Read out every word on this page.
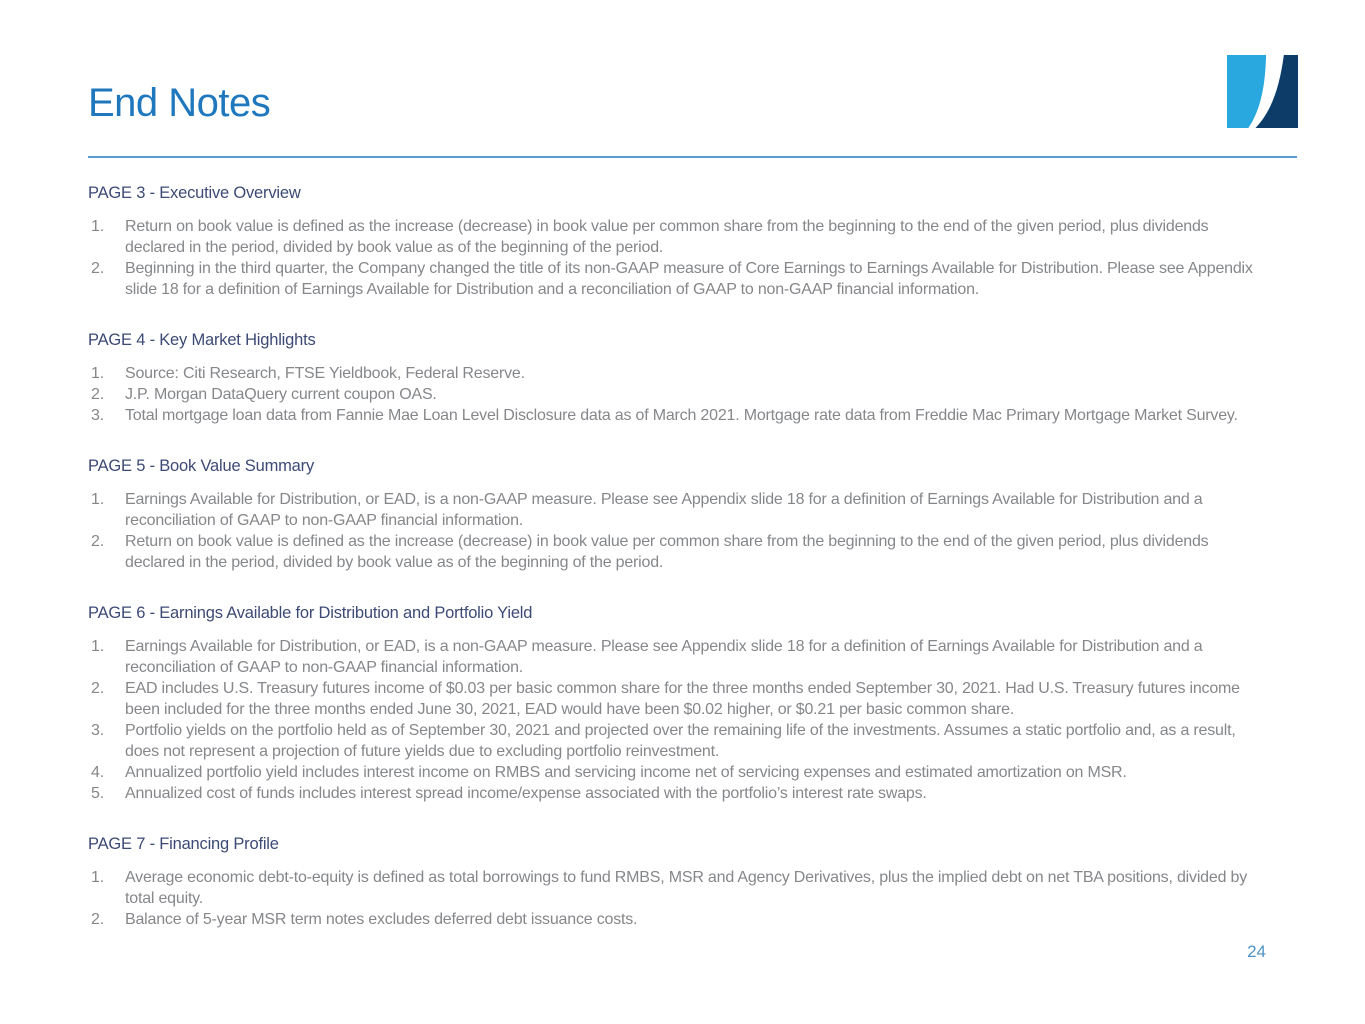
End Notes
PAGE 3 - Executive Overview
Return on book value is defined as the increase (decrease) in book value per common share from the beginning to the end of the given period, plus dividends declared in the period, divided by book value as of the beginning of the period.
Beginning in the third quarter, the Company changed the title of its non-GAAP measure of Core Earnings to Earnings Available for Distribution. Please see Appendix slide 18 for a definition of Earnings Available for Distribution and a reconciliation of GAAP to non-GAAP financial information.
PAGE 4 - Key Market Highlights
Source: Citi Research, FTSE Yieldbook, Federal Reserve.
J.P. Morgan DataQuery current coupon OAS.
Total mortgage loan data from Fannie Mae Loan Level Disclosure data as of March 2021. Mortgage rate data from Freddie Mac Primary Mortgage Market Survey.
PAGE 5 - Book Value Summary
Earnings Available for Distribution, or EAD, is a non-GAAP measure. Please see Appendix slide 18 for a definition of Earnings Available for Distribution and a reconciliation of GAAP to non-GAAP financial information.
Return on book value is defined as the increase (decrease) in book value per common share from the beginning to the end of the given period, plus dividends declared in the period, divided by book value as of the beginning of the period.
PAGE 6 - Earnings Available for Distribution and Portfolio Yield
Earnings Available for Distribution, or EAD, is a non-GAAP measure. Please see Appendix slide 18 for a definition of Earnings Available for Distribution and a reconciliation of GAAP to non-GAAP financial information.
EAD includes U.S. Treasury futures income of $0.03 per basic common share for the three months ended September 30, 2021. Had U.S. Treasury futures income been included for the three months ended June 30, 2021, EAD would have been $0.02 higher, or $0.21 per basic common share.
Portfolio yields on the portfolio held as of September 30, 2021 and projected over the remaining life of the investments. Assumes a static portfolio and, as a result, does not represent a projection of future yields due to excluding portfolio reinvestment.
Annualized portfolio yield includes interest income on RMBS and servicing income net of servicing expenses and estimated amortization on MSR.
Annualized cost of funds includes interest spread income/expense associated with the portfolio’s interest rate swaps.
PAGE 7 - Financing Profile
Average economic debt-to-equity is defined as total borrowings to fund RMBS, MSR and Agency Derivatives, plus the implied debt on net TBA positions, divided by total equity.
Balance of 5-year MSR term notes excludes deferred debt issuance costs.
24
